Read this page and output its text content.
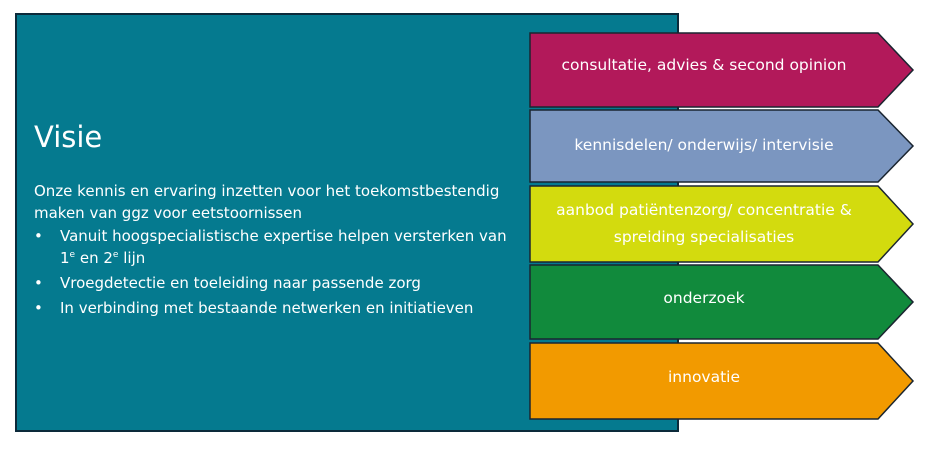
Visie
Onze kennis en ervaring inzetten voor het toekomstbestendig maken van ggz voor eetstoornissen
• Vanuit hoogspecialistische expertise helpen versterken van 1e en 2e lijn
• Vroegdetectie en toeleiding naar passende zorg
• In verbinding met bestaande netwerken en initiatieven
consultatie, advies & second opinion
kennisdelen/ onderwijs/ intervisie
aanbod patiëntenzorg/ concentratie & spreiding specialisaties
onderzoek
innovatie
